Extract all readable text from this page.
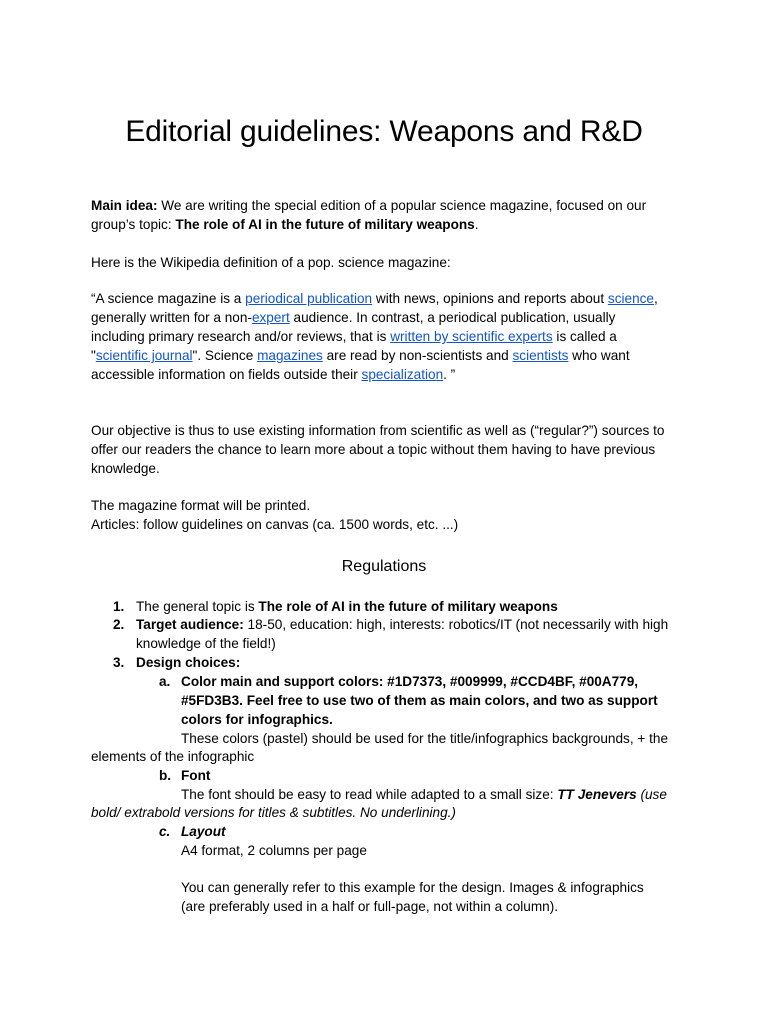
Editorial guidelines: Weapons and R&D
Main idea: We are writing the special edition of a popular science magazine, focused on our
group’s topic: The role of AI in the future of military weapons.
Here is the Wikipedia definition of a pop. science magazine:
“A science magazine is a periodical publication with news, opinions and reports about science,
generally written for a non-expert audience. In contrast, a periodical publication, usually
including primary research and/or reviews, that is written by scientific experts is called a
"scientific journal". Science magazines are read by non-scientists and scientists who want
accessible information on fields outside their specialization. ”
Our objective is thus to use existing information from scientific as well as (“regular?”) sources to
offer our readers the chance to learn more about a topic without them having to have previous
knowledge.
The magazine format will be printed.
Articles: follow guidelines on canvas (ca. 1500 words, etc. ...)
Regulations
1. The general topic is The role of AI in the future of military weapons
2. Target audience: 18-50, education: high, interests: robotics/IT (not necessarily with high
knowledge of the field!)
3. Design choices:
a. Color main and support colors: #1D7373, #009999, #CCD4BF, #00A779,
#5FD3B3. Feel free to use two of them as main colors, and two as support
colors for infographics.
These colors (pastel) should be used for the title/infographics backgrounds, + the
elements of the infographic
b. Font
The font should be easy to read while adapted to a small size: TT Jenevers (use
bold/ extrabold versions for titles & subtitles. No underlining.)
c. Layout
A4 format, 2 columns per page
You can generally refer to this example for the design. Images & infographics
(are preferably used in a half or full-page, not within a column).
